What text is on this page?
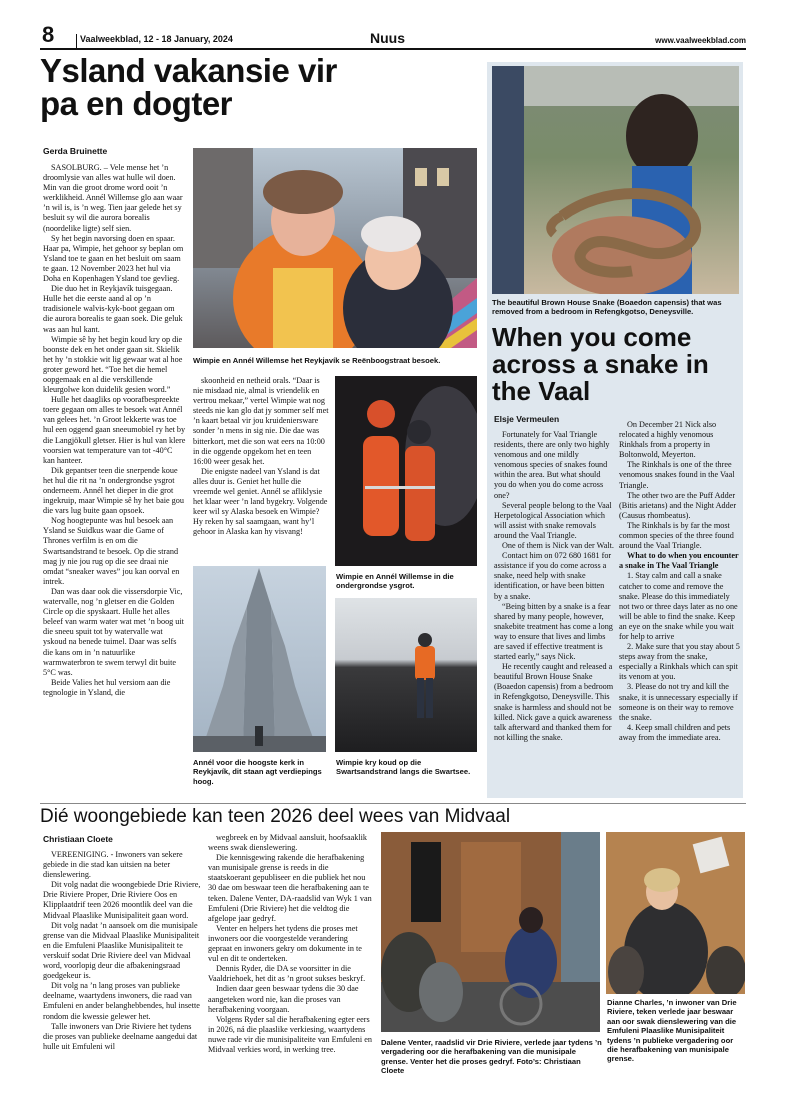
8	Vaalweekblad, 12 - 18 January, 2024	Nuus	www.vaalweekblad.com
Ysland vakansie vir
pa en dogter
Gerda Bruinette

SASOLBURG. – Vele mense het ’n droomlysie van alles wat hulle wil doen. Min van die groot drome word ooit ’n werklikheid. Annél Willemse glo aan waar ’n wil is, is ’n weg. Tien jaar gelede het sy besluit sy wil die aurora borealis (noordelike ligte) self sien.

Sy het begin navorsing doen en spaar. Haar pa, Wimpie, het gehoor sy beplan om Ysland toe te gaan en het besluit om saam te gaan. 12 November 2023 het hul via Doha en Kopenhagen Ysland toe gevlieg.

Die duo het in Reykjavík tuisgegaan. Hulle het die eerste aand al op ’n tradisionele walvis-kyk-boot gegaan om die aurora borealis te gaan soek. Die geluk was aan hul kant.

Wimpie sê hy het begin koud kry op die boonste dek en het onder gaan sit. Skielik het hy ’n stokkie wit lig gewaar wat al hoe groter geword het. “Toe het die hemel oopgemaak en al die verskillende kleurgolwe kon duidelik gesien word.”

Hulle het daagliks op voorafbespreekte toere gegaan om alles te besoek wat Annél van gelees het. ’n Groot lekkerte was toe hul een oggend gaan sneeumobiel ry het by die Langjökull gletser. Hier is hul van klere voorsien wat temperature van tot -40°C kan hanteer.

Dik gepantser teen die snerpende koue het hul die rit na ’n ondergrondse ysgrot onderneem. Annél het dieper in die grot ingekruip, maar Wimpie sê hy het baie gou die vars lug buite gaan opsoek.

Nog hoogtepunte was hul besoek aan Ysland se Suidkus waar die Game of Thrones verfilm is en om die Swartsandstrand te besoek. Op die strand mag jy nie jou rug op die see draai nie omdat “sneaker waves” jou kan oorval en intrek.

Dan was daar ook die vissersdorpie Vic, watervalle, nog ’n gletser en die Golden Circle op die spyskaart. Hulle het alles beleef van warm water wat met ’n boog uit die sneeu spuit tot by watervalle wat yskoud na benede tuimel. Daar was selfs die kans om in ’n natuurlike warmwaterbron te swem terwyl dit buite 5°C was.

Beide Valies het hul versiom aan die tegnologie in Ysland, die

Wimpie en Annél Willemse het Reykjavík se Reënboogstraat besoek.

skoonheid en netheid orals. “Daar is nie misdaad nie, almal is vriendelik en vertrou mekaar,” vertel Wimpie wat nog steeds nie kan glo dat jy sommer self met ’n kaart betaal vir jou kruideniersware sonder ’n mens in sig nie. Die dae was bitterkort, met die son wat eers na 10:00 in die oggende opgekom het en teen 16:00 weer gesak het.

Die enigste nadeel van Ysland is dat alles duur is. Geniet het hulle die vreemde wel geniet. Annél se afliklysie het klaar weer ’n land bygekry. Volgende keer wil sy Alaska besoek en Wimpie? Hy reken hy sal saamgaan, want hy’l gehoor in Alaska kan hy visvang!

Wimpie en Annél Willemse in die ondergrondse ysgrot.
Annél voor die hoogste kerk in Reykjavík, dit staan agt verdiepings hoog.
Wimpie kry koud op die Swartsandstrand langs die Swartsee.
The beautiful Brown House Snake (Boaedon capensis) that was removed from a bedroom in Refengkgotso, Deneysville.
When you come
across a snake in
the Vaal
Elsje Vermeulen

Fortunately for Vaal Triangle residents, there are only two highly venomous and one mildly venomous species of snakes found within the area. But what should you do when you do come across one?

Several people belong to the Vaal Herpetological Association which will assist with snake removals around the Vaal Triangle.

One of them is Nick van der Walt.

Contact him on 072 680 1681 for assistance if you do come across a snake, need help with snake identification, or have been bitten by a snake.

“Being bitten by a snake is a fear shared by many people, however, snakebite treatment has come a long way to ensure that lives and limbs are saved if effective treatment is started early,” says Nick.

He recently caught and released a beautiful Brown House Snake (Boaedon capensis) from a bedroom in Refengkgotso, Deneysville. This snake is harmless and should not be killed. Nick gave a quick awareness talk afterward and thanked them for not killing the snake.

On December 21 Nick also relocated a highly venomous Rinkhals from a property in Boltonwold, Meyerton.

The Rinkhals is one of the three venomous snakes found in the Vaal Triangle.

The other two are the Puff Adder (Bitis arietans) and the Night Adder (Causus rhombeatus).

The Rinkhals is by far the most common species of the three found around the Vaal Triangle.

What to do when you encounter a snake in The Vaal Triangle

1. Stay calm and call a snake catcher to come and remove the snake. Please do this immediately not two or three days later as no one will be able to find the snake. Keep an eye on the snake while you wait for help to arrive

2. Make sure that you stay about 5 steps away from the snake, especially a Rinkhals which can spit its venom at you.

3. Please do not try and kill the snake, it is unnecessary especially if someone is on their way to remove the snake.

4. Keep small children and pets away from the immediate area.

Dié woongebiede kan teen 2026 deel wees van Midvaal
Christiaan Cloete

VEREENIGING. - Inwoners van sekere gebiede in die stad kan uitsien na beter dienslewering.

Dit volg nadat die woongebiede Drie Riviere, Drie Riviere Proper, Drie Riviere Oos en Klipplaatdrif teen 2026 moontlik deel van die Midvaal Plaaslike Munisipaliteit gaan word.

Dit volg nadat ’n aansoek om die munisipale grense van die Midvaal Plaaslike Munisipaliteit en die Emfuleni Plaaslike Munisipaliteit te verskuif sodat Drie Riviere deel van Midvaal word, voorlopig deur die afbakeningsraad goedgekeur is.

Dit volg na ’n lang proses van publieke deelname, waartydens inwoners, die raad van Emfuleni en ander belanghebbendes, hul insette rondom die kwessie gelewer het.

Talle inwoners van Drie Riviere het tydens die proses van publieke deelname aangedui dat hulle uit Emfuleni wil

wegbreek en by Midvaal aansluit, hoofsaaklik weens swak dienslewering.

Die kennisgewing rakende die herafbakening van munisipale grense is reeds in die staatskoerant gepubliseer en die publiek het nou 30 dae om beswaar teen die herafbakening aan te teken. Dalene Venter, DA-raadslid van Wyk 1 van Emfuleni (Drie Riviere) het die veldtog die afgelope jaar gedryf.

Venter en helpers het tydens die proses met inwoners oor die voorgestelde verandering gepraat en inwoners gekry om dokumente in te vul en dit te onderteken.

Dennis Ryder, die DA se voorsitter in die Vaaldriehoek, het dit as ’n groot sukses beskryf.

Indien daar geen beswaar tydens die 30 dae aangeteken word nie, kan die proses van herafbakening voorgaan.

Volgens Ryder sal die herafbakening egter eers in 2026, ná die plaaslike verkiesing, waartydens nuwe rade vir die munisipaliteite van Emfuleni en Midvaal verkies word, in werking tree.

Dalene Venter, raadslid vir Drie Riviere, verlede jaar tydens ’n vergadering oor die herafbakening van die munisipale grense. Venter het die proses gedryf. Foto’s: Christiaan Cloete
Dianne Charles, ’n inwoner van Drie Riviere, teken verlede jaar beswaar aan oor swak dienslewering van die Emfuleni Plaaslike Munisipaliteit tydens ’n publieke vergadering oor die herafbakening van munisipale grense.
